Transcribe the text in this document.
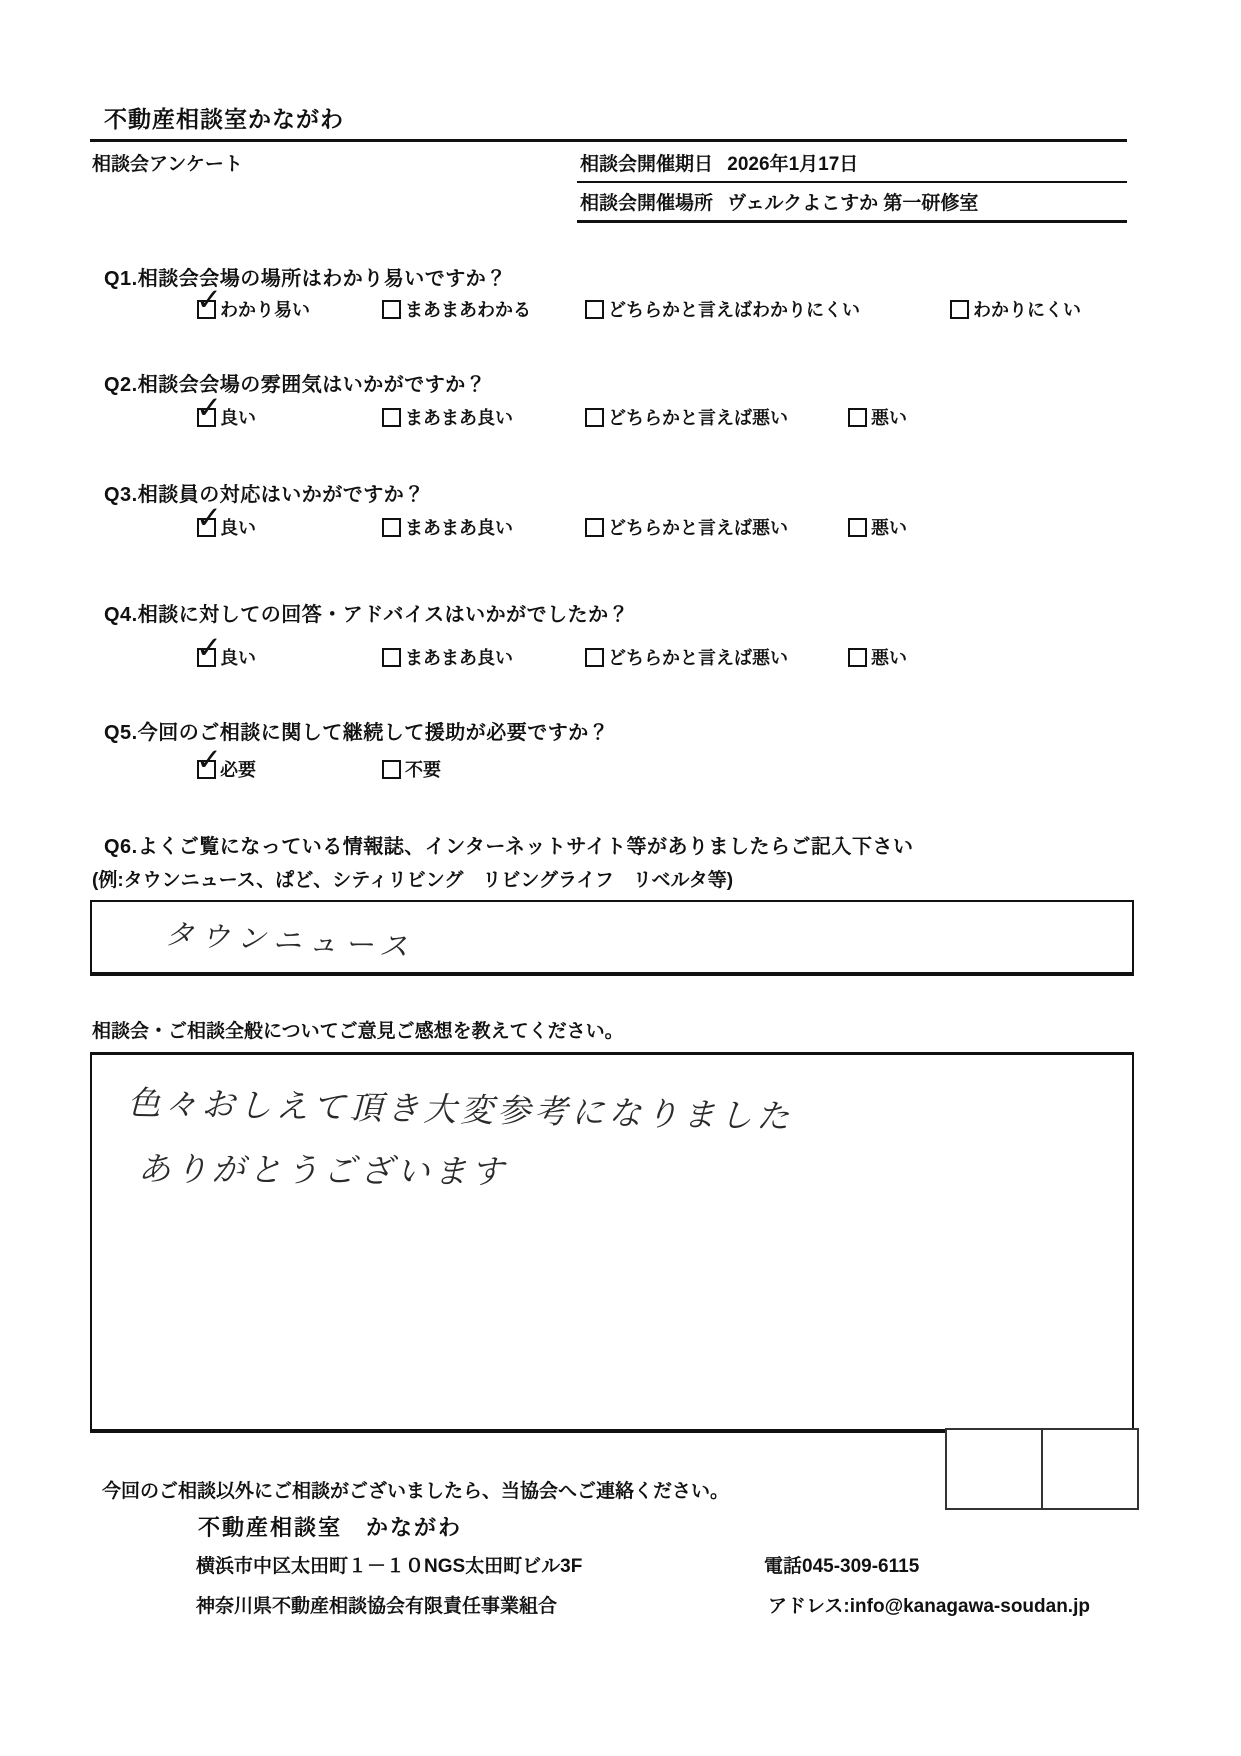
不動産相談室かながわ
相談会アンケート	相談会開催期日 2026年1月17日
相談会開催場所 ヴェルクよこすか 第一研修室
Q1.相談会会場の場所はわかり易いですか？
✓
わかり易い	まあまあわかる	どちらかと言えばわかりにくい	わかりにくい
Q2.相談会会場の雰囲気はいかがですか？
✓
良い	まあまあ良い	どちらかと言えば悪い	悪い
Q3.相談員の対応はいかがですか？
✓
良い	まあまあ良い	どちらかと言えば悪い	悪い
Q4.相談に対しての回答・アドバイスはいかがでしたか？
✓
良い	まあまあ良い	どちらかと言えば悪い	悪い
Q5.今回のご相談に関して継続して援助が必要ですか？
✓
必要	不要
Q6.よくご覧になっている情報誌、インターネットサイト等がありましたらご記入下さい
(例:タウンニュース、ぱど、シティリビング　リビングライフ　リベルタ等)
タウンニュース
相談会・ご相談全般についてご意見ご感想を教えてください。
色々おしえて頂き大変参考になりました
ありがとうございます
今回のご相談以外にご相談がございましたら、当協会へご連絡ください。
不動産相談室　かながわ
横浜市中区太田町１－１０NGS太田町ビル3F	電話045-309-6115
神奈川県不動産相談協会有限責任事業組合	アドレス:info@kanagawa-soudan.jp
